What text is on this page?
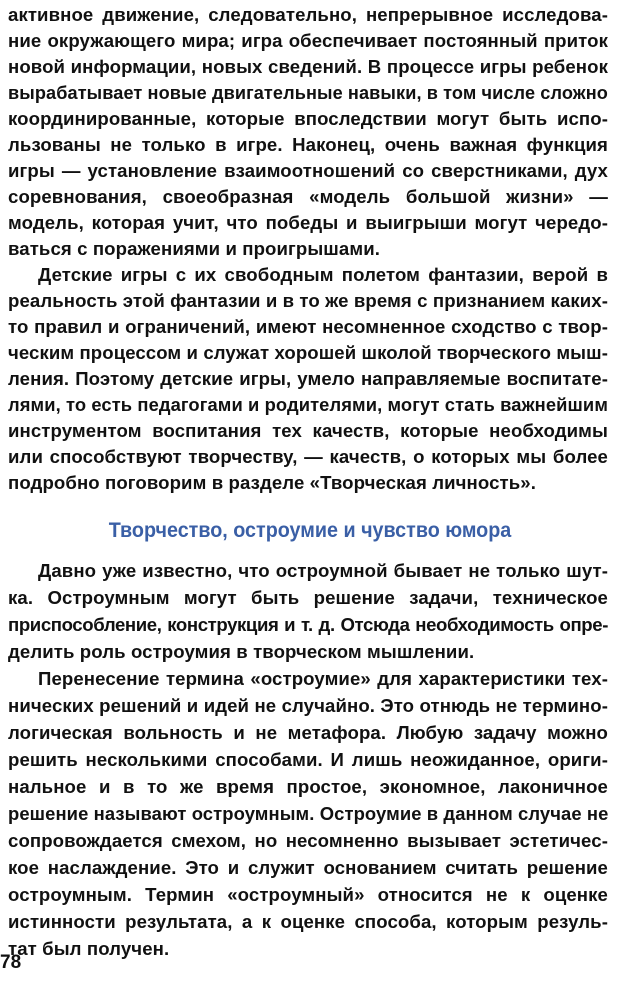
активное движение, следовательно, непрерывное исследова-
ние окружающего мира; игра обеспечивает постоянный приток
новой информации, новых сведений. В процессе игры ребенок
вырабатывает новые двигательные навыки, в том числе сложно
координированные, которые впоследствии могут быть испо-
льзованы не только в игре. Наконец, очень важная функция
игры — установление взаимоотношений со сверстниками, дух
соревнования, своеобразная «модель большой жизни» —
модель, которая учит, что победы и выигрыши могут чередо-
ваться с поражениями и проигрышами.
Детские игры с их свободным полетом фантазии, верой в
реальность этой фантазии и в то же время с признанием каких-
то правил и ограничений, имеют несомненное сходство с твор-
ческим процессом и служат хорошей школой творческого мыш-
ления. Поэтому детские игры, умело направляемые воспитате-
лями, то есть педагогами и родителями, могут стать важнейшим
инструментом воспитания тех качеств, которые необходимы
или способствуют творчеству, — качеств, о которых мы более
подробно поговорим в разделе «Творческая личность».
Творчество, остроумие и чувство юмора
Давно уже известно, что остроумной бывает не только шут-
ка. Остроумным могут быть решение задачи, техническое
приспособление, конструкция и т. д. Отсюда необходимость опре-
делить роль остроумия в творческом мышлении.
Перенесение термина «остроумие» для характеристики тех-
нических решений и идей не случайно. Это отнюдь не термино-
логическая вольность и не метафора. Любую задачу можно
решить несколькими способами. И лишь неожиданное, ориги-
нальное и в то же время простое, экономное, лаконичное
решение называют остроумным. Остроумие в данном случае не
сопровождается смехом, но несомненно вызывает эстетичес-
кое наслаждение. Это и служит основанием считать решение
остроумным. Термин «остроумный» относится не к оценке
истинности результата, а к оценке способа, которым резуль-
тат был получен.
78
